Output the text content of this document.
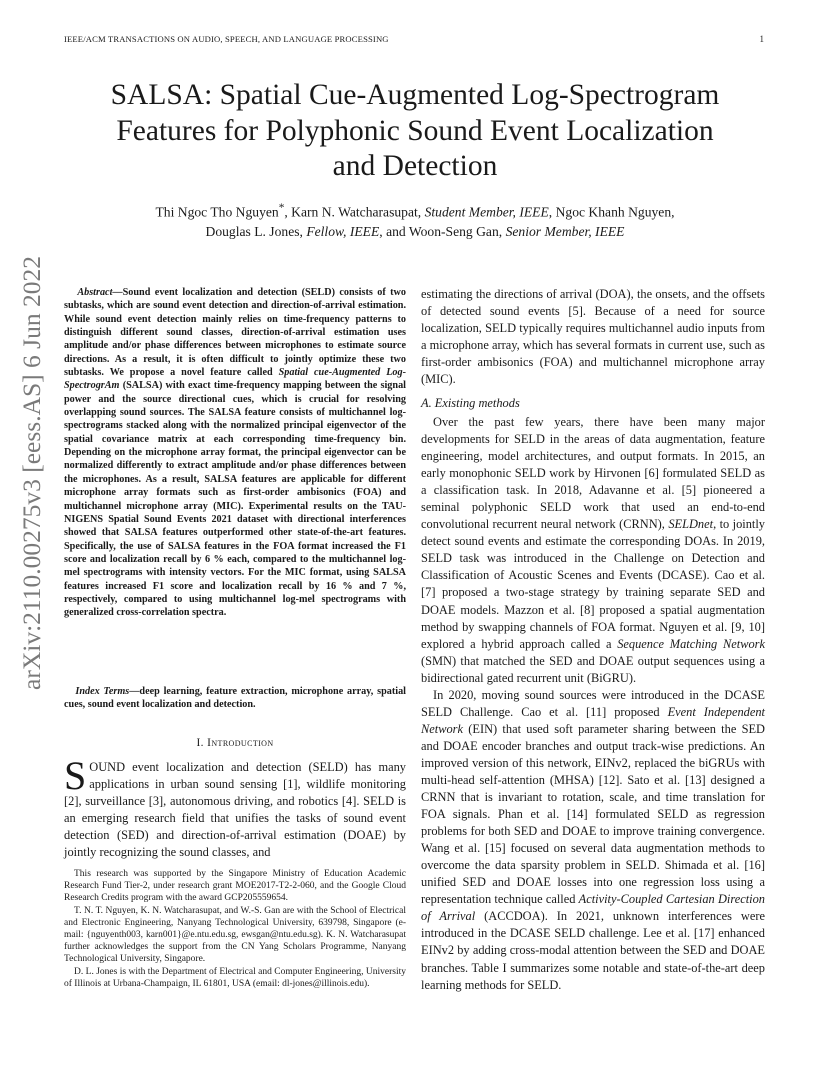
IEEE/ACM TRANSACTIONS ON AUDIO, SPEECH, AND LANGUAGE PROCESSING	1
arXiv:2110.00275v3 [eess.AS] 6 Jun 2022
SALSA: Spatial Cue-Augmented Log-Spectrogram Features for Polyphonic Sound Event Localization and Detection
Thi Ngoc Tho Nguyen*, Karn N. Watcharasupat, Student Member, IEEE, Ngoc Khanh Nguyen,
Douglas L. Jones, Fellow, IEEE, and Woon-Seng Gan, Senior Member, IEEE
Abstract—Sound event localization and detection (SELD) consists of two subtasks, which are sound event detection and direction-of-arrival estimation. While sound event detection mainly relies on time-frequency patterns to distinguish different sound classes, direction-of-arrival estimation uses amplitude and/or phase differences between microphones to estimate source directions. As a result, it is often difficult to jointly optimize these two subtasks. We propose a novel feature called Spatial cue-Augmented Log-SpectrogrAm (SALSA) with exact time-frequency mapping between the signal power and the source directional cues, which is crucial for resolving overlapping sound sources. The SALSA feature consists of multichannel log-spectrograms stacked along with the normalized principal eigenvector of the spatial covariance matrix at each corresponding time-frequency bin. Depending on the microphone array format, the principal eigenvector can be normalized differently to extract amplitude and/or phase differences between the microphones. As a result, SALSA features are applicable for different microphone array formats such as first-order ambisonics (FOA) and multichannel microphone array (MIC). Experimental results on the TAU-NIGENS Spatial Sound Events 2021 dataset with directional interferences showed that SALSA features outperformed other state-of-the-art features. Specifically, the use of SALSA features in the FOA format increased the F1 score and localization recall by 6 % each, compared to the multichannel log-mel spectrograms with intensity vectors. For the MIC format, using SALSA features increased F1 score and localization recall by 16 % and 7 %, respectively, compared to using multichannel log-mel spectrograms with generalized cross-correlation spectra.
Index Terms—deep learning, feature extraction, microphone array, spatial cues, sound event localization and detection.
I. Introduction
SOUND event localization and detection (SELD) has many applications in urban sound sensing [1], wildlife monitoring [2], surveillance [3], autonomous driving, and robotics [4]. SELD is an emerging research field that unifies the tasks of sound event detection (SED) and direction-of-arrival estimation (DOAE) by jointly recognizing the sound classes, and

This research was supported by the Singapore Ministry of Education Academic Research Fund Tier-2, under research grant MOE2017-T2-2-060, and the Google Cloud Research Credits program with the award GCP205559654.

T. N. T. Nguyen, K. N. Watcharasupat, and W.-S. Gan are with the School of Electrical and Electronic Engineering, Nanyang Technological University, 639798, Singapore (e-mail: {nguyenth003, karn001}@e.ntu.edu.sg, ewsgan@ntu.edu.sg). K. N. Watcharasupat further acknowledges the support from the CN Yang Scholars Programme, Nanyang Technological University, Singapore.

D. L. Jones is with the Department of Electrical and Computer Engineering, University of Illinois at Urbana-Champaign, IL 61801, USA (email: dl-jones@illinois.edu).

estimating the directions of arrival (DOA), the onsets, and the offsets of detected sound events [5]. Because of a need for source localization, SELD typically requires multichannel audio inputs from a microphone array, which has several formats in current use, such as first-order ambisonics (FOA) and multichannel microphone array (MIC).
A. Existing methods

Over the past few years, there have been many major developments for SELD in the areas of data augmentation, feature engineering, model architectures, and output formats. In 2015, an early monophonic SELD work by Hirvonen [6] formulated SELD as a classification task. In 2018, Adavanne et al. [5] pioneered a seminal polyphonic SELD work that used an end-to-end convolutional recurrent neural network (CRNN), SELDnet, to jointly detect sound events and estimate the corresponding DOAs. In 2019, SELD task was introduced in the Challenge on Detection and Classification of Acoustic Scenes and Events (DCASE). Cao et al. [7] proposed a two-stage strategy by training separate SED and DOAE models. Mazzon et al. [8] proposed a spatial augmentation method by swapping channels of FOA format. Nguyen et al. [9, 10] explored a hybrid approach called a Sequence Matching Network (SMN) that matched the SED and DOAE output sequences using a bidirectional gated recurrent unit (BiGRU).

In 2020, moving sound sources were introduced in the DCASE SELD Challenge. Cao et al. [11] proposed Event Independent Network (EIN) that used soft parameter sharing between the SED and DOAE encoder branches and output track-wise predictions. An improved version of this network, EINv2, replaced the biGRUs with multi-head self-attention (MHSA) [12]. Sato et al. [13] designed a CRNN that is invariant to rotation, scale, and time translation for FOA signals. Phan et al. [14] formulated SELD as regression problems for both SED and DOAE to improve training convergence. Wang et al. [15] focused on several data augmentation methods to overcome the data sparsity problem in SELD. Shimada et al. [16] unified SED and DOAE losses into one regression loss using a representation technique called Activity-Coupled Cartesian Direction of Arrival (ACCDOA). In 2021, unknown interferences were introduced in the DCASE SELD challenge. Lee et al. [17] enhanced EINv2 by adding cross-modal attention between the SED and DOAE branches. Table I summarizes some notable and state-of-the-art deep learning methods for SELD.
